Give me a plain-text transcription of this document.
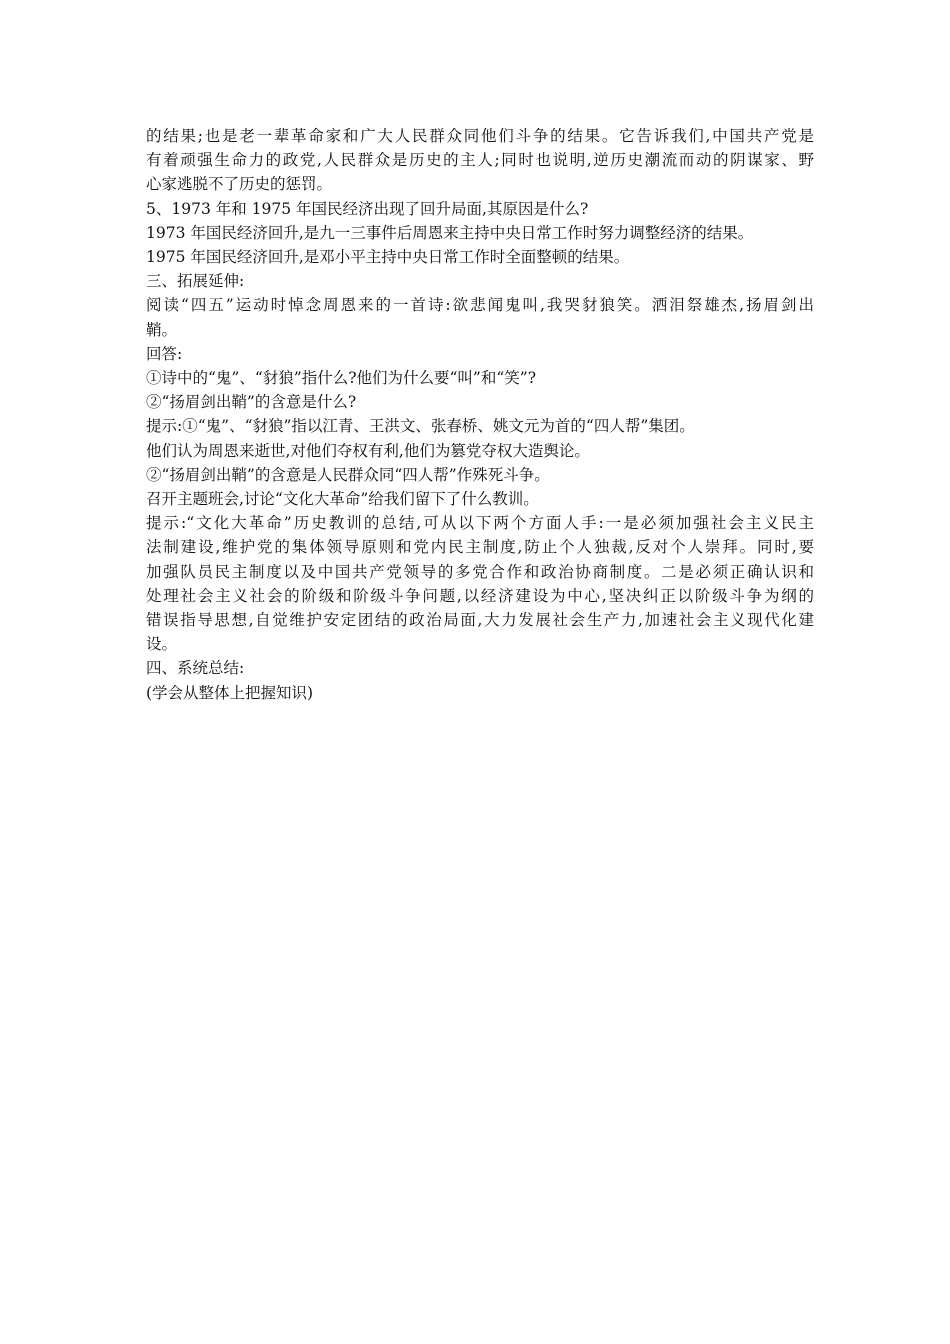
的结果;也是老一辈革命家和广大人民群众同他们斗争的结果。它告诉我们,中国共产党是
有着顽强生命力的政党,人民群众是历史的主人;同时也说明,逆历史潮流而动的阴谋家、野
心家逃脱不了历史的惩罚。
5、1973 年和 1975 年国民经济出现了回升局面,其原因是什么?
1973 年国民经济回升,是九一三事件后周恩来主持中央日常工作时努力调整经济的结果。
1975 年国民经济回升,是邓小平主持中央日常工作时全面整顿的结果。
三、拓展延伸:
阅读“四五”运动时悼念周恩来的一首诗:欲悲闻鬼叫,我哭豺狼笑。洒泪祭雄杰,扬眉剑出
鞘。
回答:
①诗中的“鬼”、“豺狼”指什么?他们为什么要“叫”和“笑”?
②“扬眉剑出鞘”的含意是什么?
提示:①“鬼”、“豺狼”指以江青、王洪文、张春桥、姚文元为首的“四人帮”集团。
他们认为周恩来逝世,对他们夺权有利,他们为篡党夺权大造舆论。
②“扬眉剑出鞘”的含意是人民群众同“四人帮”作殊死斗争。
召开主题班会,讨论“文化大革命”给我们留下了什么教训。
提示:“文化大革命”历史教训的总结,可从以下两个方面人手:一是必须加强社会主义民主
法制建设,维护党的集体领导原则和党内民主制度,防止个人独裁,反对个人崇拜。同时,要
加强队员民主制度以及中国共产党领导的多党合作和政治协商制度。二是必须正确认识和
处理社会主义社会的阶级和阶级斗争问题,以经济建设为中心,坚决纠正以阶级斗争为纲的
错误指导思想,自觉维护安定团结的政治局面,大力发展社会生产力,加速社会主义现代化建
设。
四、系统总结:
(学会从整体上把握知识)
